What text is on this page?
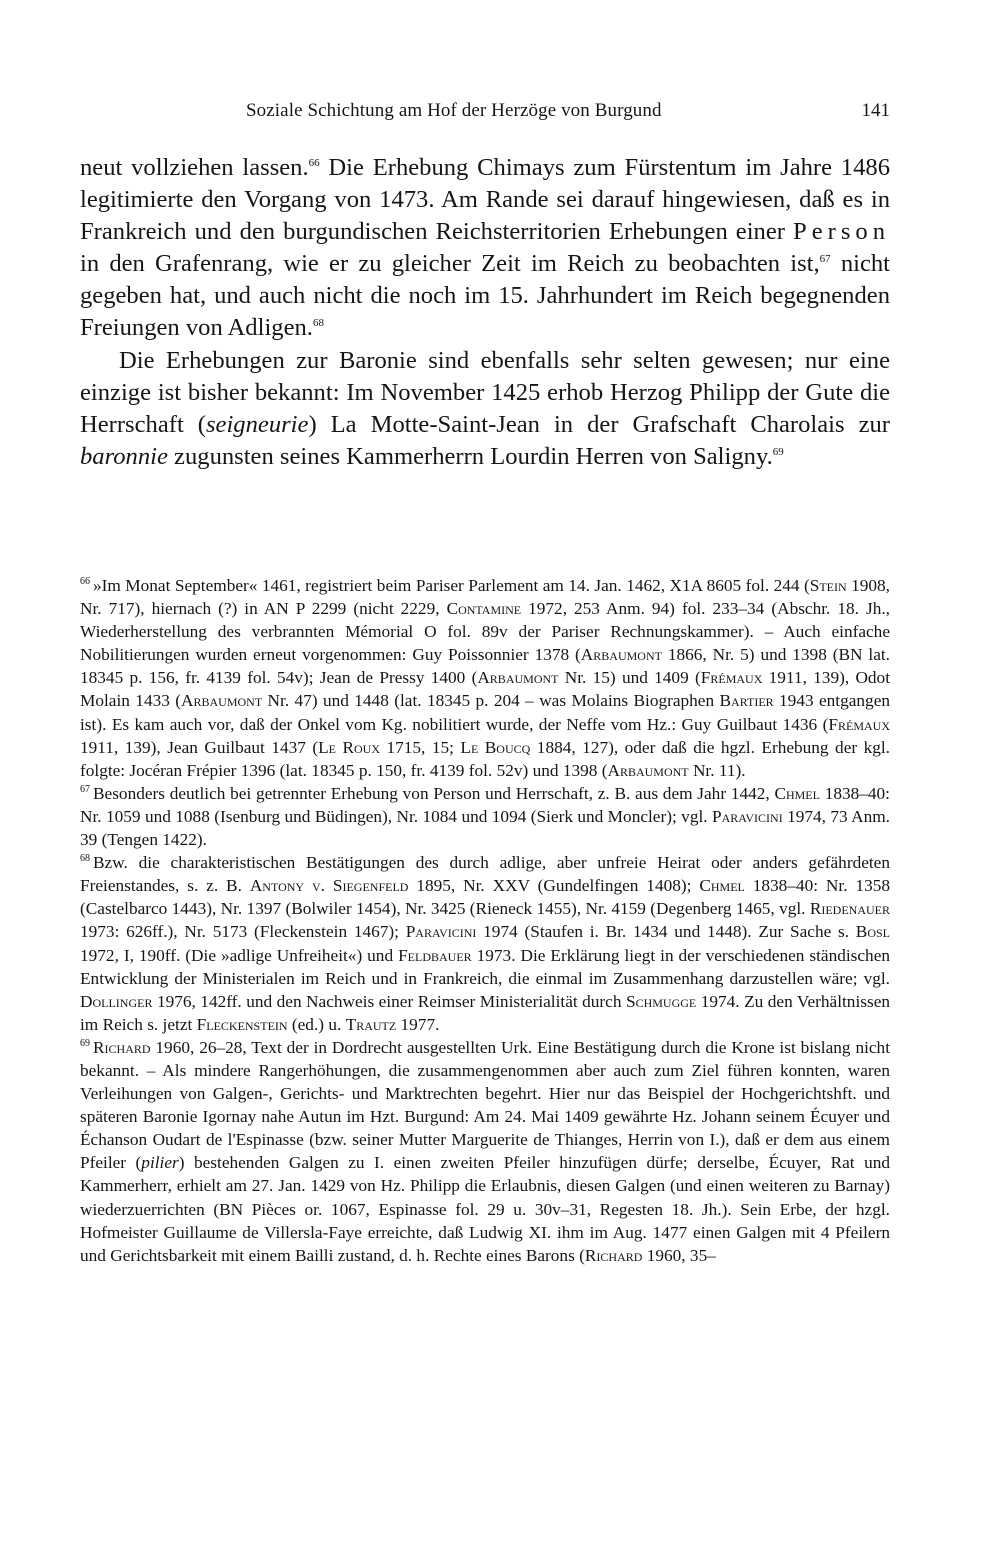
Soziale Schichtung am Hof der Herzöge von Burgund	141

neut vollziehen lassen.$^{66}$ Die Erhebung Chimays zum Fürstentum im Jahre 1486 legitimierte den Vorgang von 1473. Am Rande sei darauf hingewiesen, daß es in Frankreich und den burgundischen Reichsterritorien Erhebungen einer Person in den Grafenrang, wie er zu gleicher Zeit im Reich zu beobachten ist,$^{67}$ nicht gegeben hat, und auch nicht die noch im 15. Jahrhundert im Reich begegnenden Freiungen von Adligen.$^{68}$

Die Erhebungen zur Baronie sind ebenfalls sehr selten gewesen; nur eine einzige ist bisher bekannt: Im November 1425 erhob Herzog Philipp der Gute die Herrschaft (seigneurie) La Motte-Saint-Jean in der Grafschaft Charolais zur baronnie zugunsten seines Kammerherrn Lourdin Herren von Saligny.$^{69}$

$^{66}$ »Im Monat September« 1461, registriert beim Pariser Parlement am 14. Jan. 1462, X1A 8605 fol. 244 (Stein 1908, Nr. 717), hiernach (?) in AN P 2299 (nicht 2229, Contamine 1972, 253 Anm. 94) fol. 233–34 (Abschr. 18. Jh., Wiederherstellung des verbrannten Mémorial O fol. 89v der Pariser Rechnungskammer). – Auch einfache Nobilitierungen wurden erneut vorgenommen: Guy Poissonnier 1378 (Arbaumont 1866, Nr. 5) und 1398 (BN lat. 18345 p. 156, fr. 4139 fol. 54v); Jean de Pressy 1400 (Arbaumont Nr. 15) und 1409 (Frémaux 1911, 139), Odot Molain 1433 (Arbaumont Nr. 47) und 1448 (lat. 18345 p. 204 – was Molains Biographen Bartier 1943 entgangen ist). Es kam auch vor, daß der Onkel vom Kg. nobilitiert wurde, der Neffe vom Hz.: Guy Guilbaut 1436 (Frémaux 1911, 139), Jean Guilbaut 1437 (Le Roux 1715, 15; Le Boucq 1884, 127), oder daß die hgzl. Erhebung der kgl. folgte: Jocéran Frépier 1396 (lat. 18345 p. 150, fr. 4139 fol. 52v) und 1398 (Arbaumont Nr. 11).

$^{67}$ Besonders deutlich bei getrennter Erhebung von Person und Herrschaft, z. B. aus dem Jahr 1442, Chmel 1838–40: Nr. 1059 und 1088 (Isenburg und Büdingen), Nr. 1084 und 1094 (Sierk und Moncler); vgl. Paravicini 1974, 73 Anm. 39 (Tengen 1422).

$^{68}$ Bzw. die charakteristischen Bestätigungen des durch adlige, aber unfreie Heirat oder anders gefährdeten Freienstandes, s. z. B. Antony v. Siegenfeld 1895, Nr. XXV (Gundelfingen 1408); Chmel 1838–40: Nr. 1358 (Castelbarco 1443), Nr. 1397 (Bolwiler 1454), Nr. 3425 (Rieneck 1455), Nr. 4159 (Degenberg 1465, vgl. Riedenauer 1973: 626ff.), Nr. 5173 (Fleckenstein 1467); Paravicini 1974 (Staufen i. Br. 1434 und 1448). Zur Sache s. Bosl 1972, I, 190ff. (Die »adlige Unfreiheit«) und Feldbauer 1973. Die Erklärung liegt in der verschiedenen ständischen Entwicklung der Ministerialen im Reich und in Frankreich, die einmal im Zusammenhang darzustellen wäre; vgl. Dollinger 1976, 142ff. und den Nachweis einer Reimser Ministerialität durch Schmugge 1974. Zu den Verhältnissen im Reich s. jetzt Fleckenstein (ed.) u. Trautz 1977.

$^{69}$ Richard 1960, 26–28, Text der in Dordrecht ausgestellten Urk. Eine Bestätigung durch die Krone ist bislang nicht bekannt. – Als mindere Rangerhöhungen, die zusammengenommen aber auch zum Ziel führen konnten, waren Verleihungen von Galgen-, Gerichts- und Marktrechten begehrt. Hier nur das Beispiel der Hochgerichtshft. und späteren Baronie Igornay nahe Autun im Hzt. Burgund: Am 24. Mai 1409 gewährte Hz. Johann seinem Écuyer und Échanson Oudart de l'Espinasse (bzw. seiner Mutter Marguerite de Thianges, Herrin von I.), daß er dem aus einem Pfeiler (pilier) bestehenden Galgen zu I. einen zweiten Pfeiler hinzufügen dürfe; derselbe, Écuyer, Rat und Kammerherr, erhielt am 27. Jan. 1429 von Hz. Philipp die Erlaubnis, diesen Galgen (und einen weiteren zu Barnay) wiederzuerrichten (BN Pièces or. 1067, Espinasse fol. 29 u. 30v–31, Regesten 18. Jh.). Sein Erbe, der hzgl. Hofmeister Guillaume de Villersla-Faye erreichte, daß Ludwig XI. ihm im Aug. 1477 einen Galgen mit 4 Pfeilern und Gerichtsbarkeit mit einem Bailli zustand, d. h. Rechte eines Barons (Richard 1960, 35–
